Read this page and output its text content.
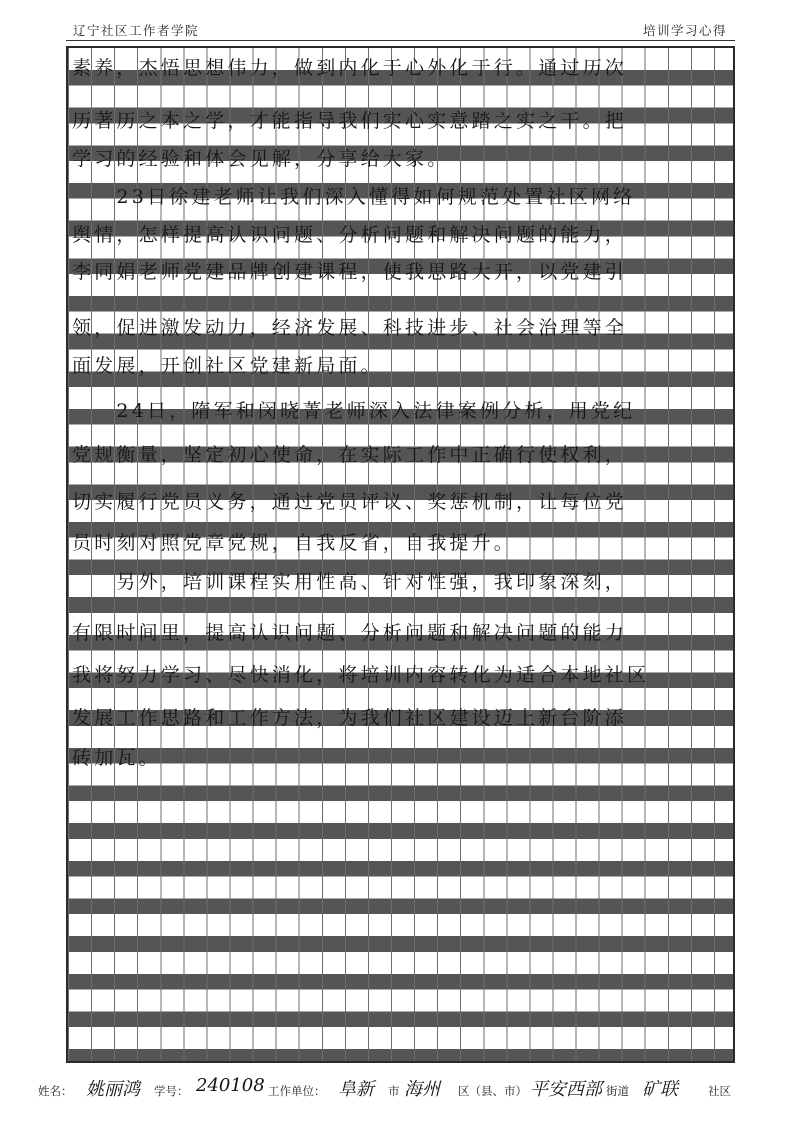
辽宁社区工作者学院	培训学习心得
素养，杰悟思想伟力，做到内化于心外化于行。通过历次
历著历之本之学，才能指导我们实心实意踏之实之干。把
学习的经验和体会见解，分享给大家。
　　23日徐建老师让我们深入懂得如何规范处置社区网络
舆情，怎样提高认识问题、分析问题和解决问题的能力，
李同娟老师党建品牌创建课程，使我思路大开，以党建引
领，促进激发动力，经济发展、科技进步、社会治理等全
面发展，开创社区党建新局面。
　　24日，隋军和闵晓菁老师深入法律案例分析，用党纪
党规衡量，坚定初心使命，在实际工作中正确行使权利，
切实履行党员义务，通过党员评议、奖惩机制，让每位党
员时刻对照党章党规，自我反省，自我提升。
　　另外，培训课程实用性高、针对性强，我印象深刻，
有限时间里，提高认识问题、分析问题和解决问题的能力
我将努力学习、尽快消化，将培训内容转化为适合本地社区
发展工作思路和工作方法，为我们社区建设迈上新台阶添
砖加瓦。
姓名： 姚丽鸿 学号： 240108 工作单位： 阜新 市 海州 区（县、市） 平安西部 街道 矿联	社区
